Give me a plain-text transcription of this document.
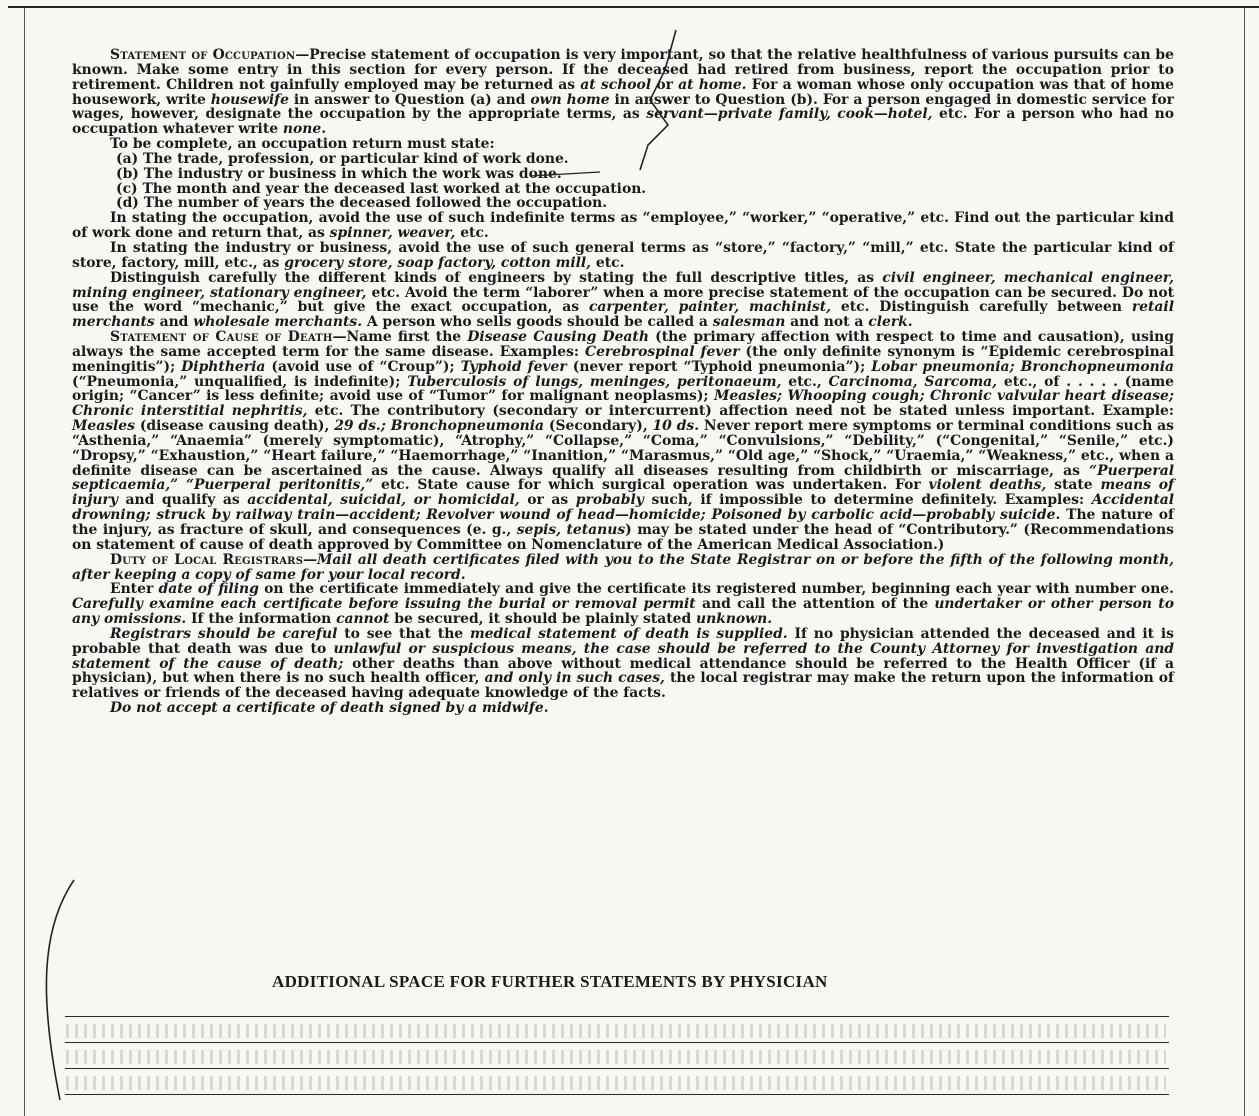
Statement of Occupation—Precise statement of occupation is very important, so that the relative healthfulness of various pursuits can be known. Make some entry in this section for every person. If the deceased had retired from business, report the occupation prior to retirement. Children not gainfully employed may be returned as at school or at home. For a woman whose only occupation was that of home housework, write housewife in answer to Question (a) and own home in answer to Question (b). For a person engaged in domestic service for wages, however, designate the occupation by the appropriate terms, as servant—private family, cook—hotel, etc. For a person who had no occupation whatever write none.

To be complete, an occupation return must state:

(a) The trade, profession, or particular kind of work done.

(b) The industry or business in which the work was done.

(c) The month and year the deceased last worked at the occupation.

(d) The number of years the deceased followed the occupation.

In stating the occupation, avoid the use of such indefinite terms as “employee,” “worker,” “operative,” etc. Find out the particular kind of work done and return that, as spinner, weaver, etc.

In stating the industry or business, avoid the use of such general terms as “store,” “factory,” “mill,” etc. State the particular kind of store, factory, mill, etc., as grocery store, soap factory, cotton mill, etc.

Distinguish carefully the different kinds of engineers by stating the full descriptive titles, as civil engineer, mechanical engineer, mining engineer, stationary engineer, etc. Avoid the term “laborer” when a more precise statement of the occupation can be secured. Do not use the word “mechanic,” but give the exact occupation, as carpenter, painter, machinist, etc. Distinguish carefully between retail merchants and wholesale merchants. A person who sells goods should be called a salesman and not a clerk.

Statement of Cause of Death—Name first the Disease Causing Death (the primary affection with respect to time and causation), using always the same accepted term for the same disease. Examples: Cerebrospinal fever (the only definite synonym is “Epidemic cerebrospinal meningitis”); Diphtheria (avoid use of “Croup”); Typhoid fever (never report “Typhoid pneumonia”); Lobar pneumonia; Bronchopneumonia (“Pneumonia,” unqualified, is indefinite); Tuberculosis of lungs, meninges, peritonaeum, etc., Carcinoma, Sarcoma, etc., of . . . . . (name origin; “Cancer” is less definite; avoid use of “Tumor” for malignant neoplasms); Measles; Whooping cough; Chronic valvular heart disease; Chronic interstitial nephritis, etc. The contributory (secondary or intercurrent) affection need not be stated unless important. Example: Measles (disease causing death), 29 ds.; Bronchopneumonia (Secondary), 10 ds. Never report mere symptoms or terminal conditions such as “Asthenia,” “Anaemia” (merely symptomatic), “Atrophy,” “Collapse,” “Coma,” “Convulsions,” “Debility,” (“Congenital,” “Senile,” etc.) “Dropsy,” “Exhaustion,” “Heart failure,” “Haemorrhage,” “Inanition,” “Marasmus,” “Old age,” “Shock,” “Uraemia,” “Weakness,” etc., when a definite disease can be ascertained as the cause. Always qualify all diseases resulting from childbirth or miscarriage, as “Puerperal septicaemia,” “Puerperal peritonitis,” etc. State cause for which surgical operation was undertaken. For violent deaths, state means of injury and qualify as accidental, suicidal, or homicidal, or as probably such, if impossible to determine definitely. Examples: Accidental drowning; struck by railway train—accident; Revolver wound of head—homicide; Poisoned by carbolic acid—probably suicide. The nature of the injury, as fracture of skull, and consequences (e. g., sepis, tetanus) may be stated under the head of “Contributory.” (Recommendations on statement of cause of death approved by Committee on Nomenclature of the American Medical Association.)

Duty of Local Registrars—Mail all death certificates filed with you to the State Registrar on or before the fifth of the following month, after keeping a copy of same for your local record.

Enter date of filing on the certificate immediately and give the certificate its registered number, beginning each year with number one. Carefully examine each certificate before issuing the burial or removal permit and call the attention of the undertaker or other person to any omissions. If the information cannot be secured, it should be plainly stated unknown.

Registrars should be careful to see that the medical statement of death is supplied. If no physician attended the deceased and it is probable that death was due to unlawful or suspicious means, the case should be referred to the County Attorney for investigation and statement of the cause of death; other deaths than above without medical attendance should be referred to the Health Officer (if a physician), but when there is no such health officer, and only in such cases, the local registrar may make the return upon the information of relatives or friends of the deceased having adequate knowledge of the facts.

Do not accept a certificate of death signed by a midwife.

ADDITIONAL SPACE FOR FURTHER STATEMENTS BY PHYSICIAN
